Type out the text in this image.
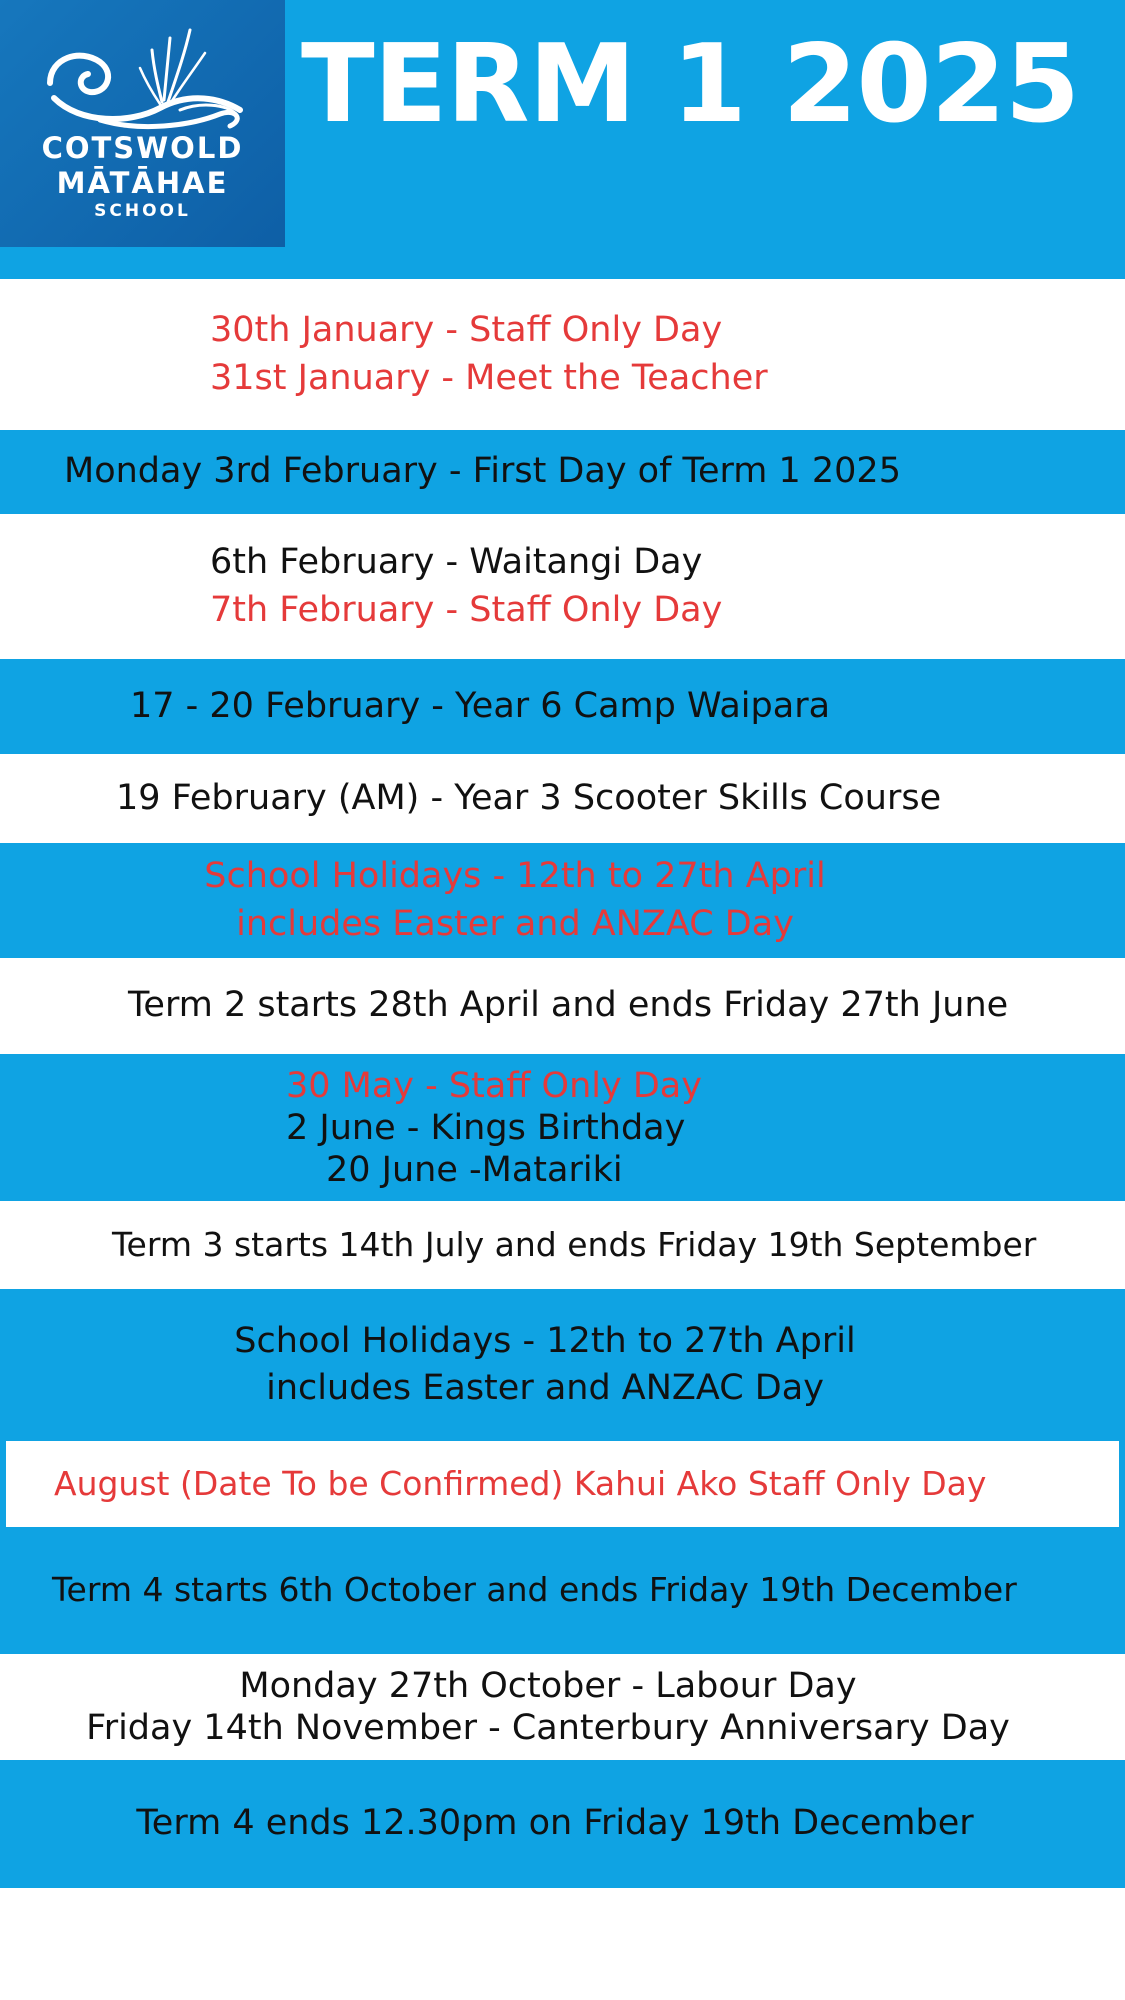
COTSWOLD
MĀTĀHAE
SCHOOL
TERM 1 2025
30th January - Staff Only Day
31st January - Meet the Teacher
Monday 3rd February - First Day of Term 1 2025
6th February - Waitangi Day
7th February - Staff Only Day
17 - 20 February - Year 6 Camp Waipara
19 February (AM) - Year 3 Scooter Skills Course
School Holidays - 12th to 27th April
includes Easter and ANZAC Day
Term 2 starts 28th April and ends Friday 27th June
30 May - Staff Only Day
2 June - Kings Birthday
20 June -Matariki
Term 3 starts 14th July and ends Friday 19th September
School Holidays - 12th to 27th April
includes Easter and ANZAC Day
August (Date To be Confirmed) Kahui Ako Staff Only Day
Term 4 starts 6th October and ends Friday 19th December
Monday 27th October - Labour Day
Friday 14th November - Canterbury Anniversary Day
Term 4 ends 12.30pm on Friday 19th December
